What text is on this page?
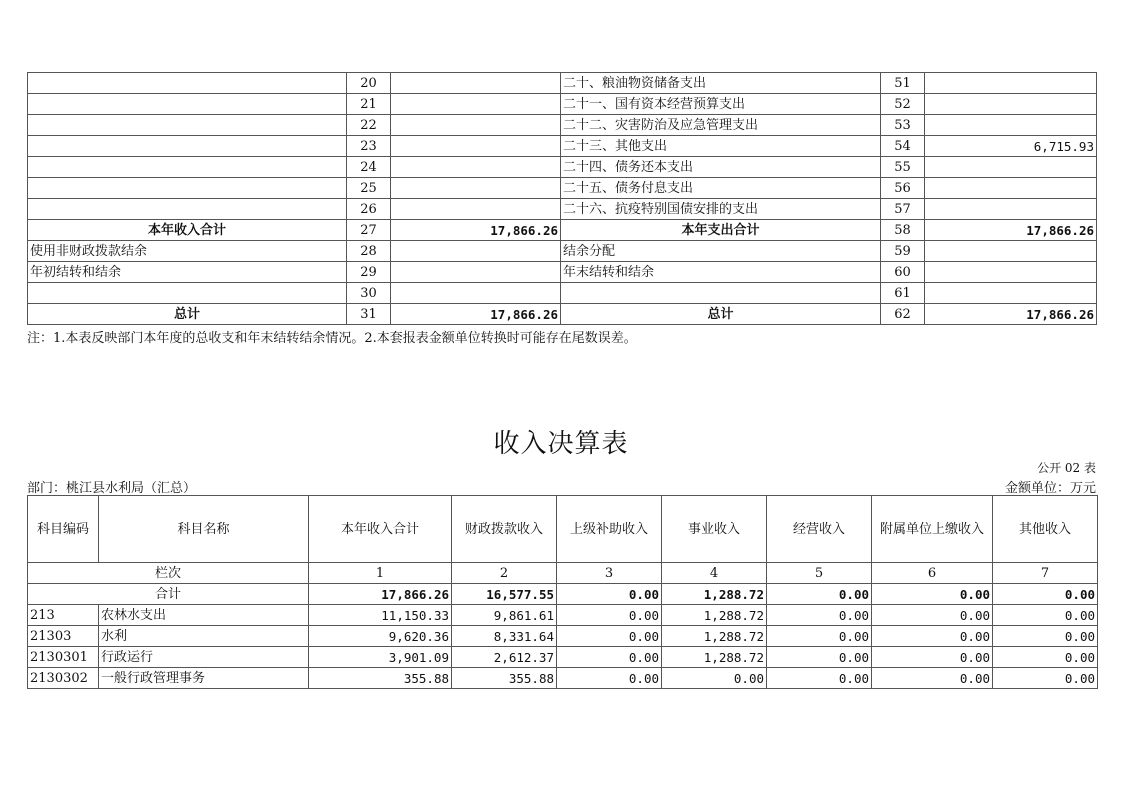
	20		二十、粮油物资储备支出	51	
	21		二十一、国有资本经营预算支出	52	
	22		二十二、灾害防治及应急管理支出	53	
	23		二十三、其他支出	54	6,715.93
	24		二十四、债务还本支出	55	
	25		二十五、债务付息支出	56	
	26		二十六、抗疫特别国债安排的支出	57	
本年收入合计	27	17,866.26	本年支出合计	58	17,866.26
使用非财政拨款结余	28		结余分配	59	
年初结转和结余	29		年末结转和结余	60	
	30			61	
总计	31	17,866.26	总计	62	17,866.26
注：1.本表反映部门本年度的总收支和年末结转结余情况。2.本套报表金额单位转换时可能存在尾数误差。
收入决算表
公开 02 表
部门：桃江县水利局（汇总）	金额单位：万元
科目编码	科目名称	本年收入合计	财政拨款收入	上级补助收入	事业收入	经营收入	附属单位上缴收入	其他收入
栏次		1	2	3	4	5	6	7
合计		17,866.26	16,577.55	0.00	1,288.72	0.00	0.00	0.00
213	农林水支出	11,150.33	9,861.61	0.00	1,288.72	0.00	0.00	0.00
21303	水利	9,620.36	8,331.64	0.00	1,288.72	0.00	0.00	0.00
2130301	行政运行	3,901.09	2,612.37	0.00	1,288.72	0.00	0.00	0.00
2130302	一般行政管理事务	355.88	355.88	0.00	0.00	0.00	0.00	0.00
